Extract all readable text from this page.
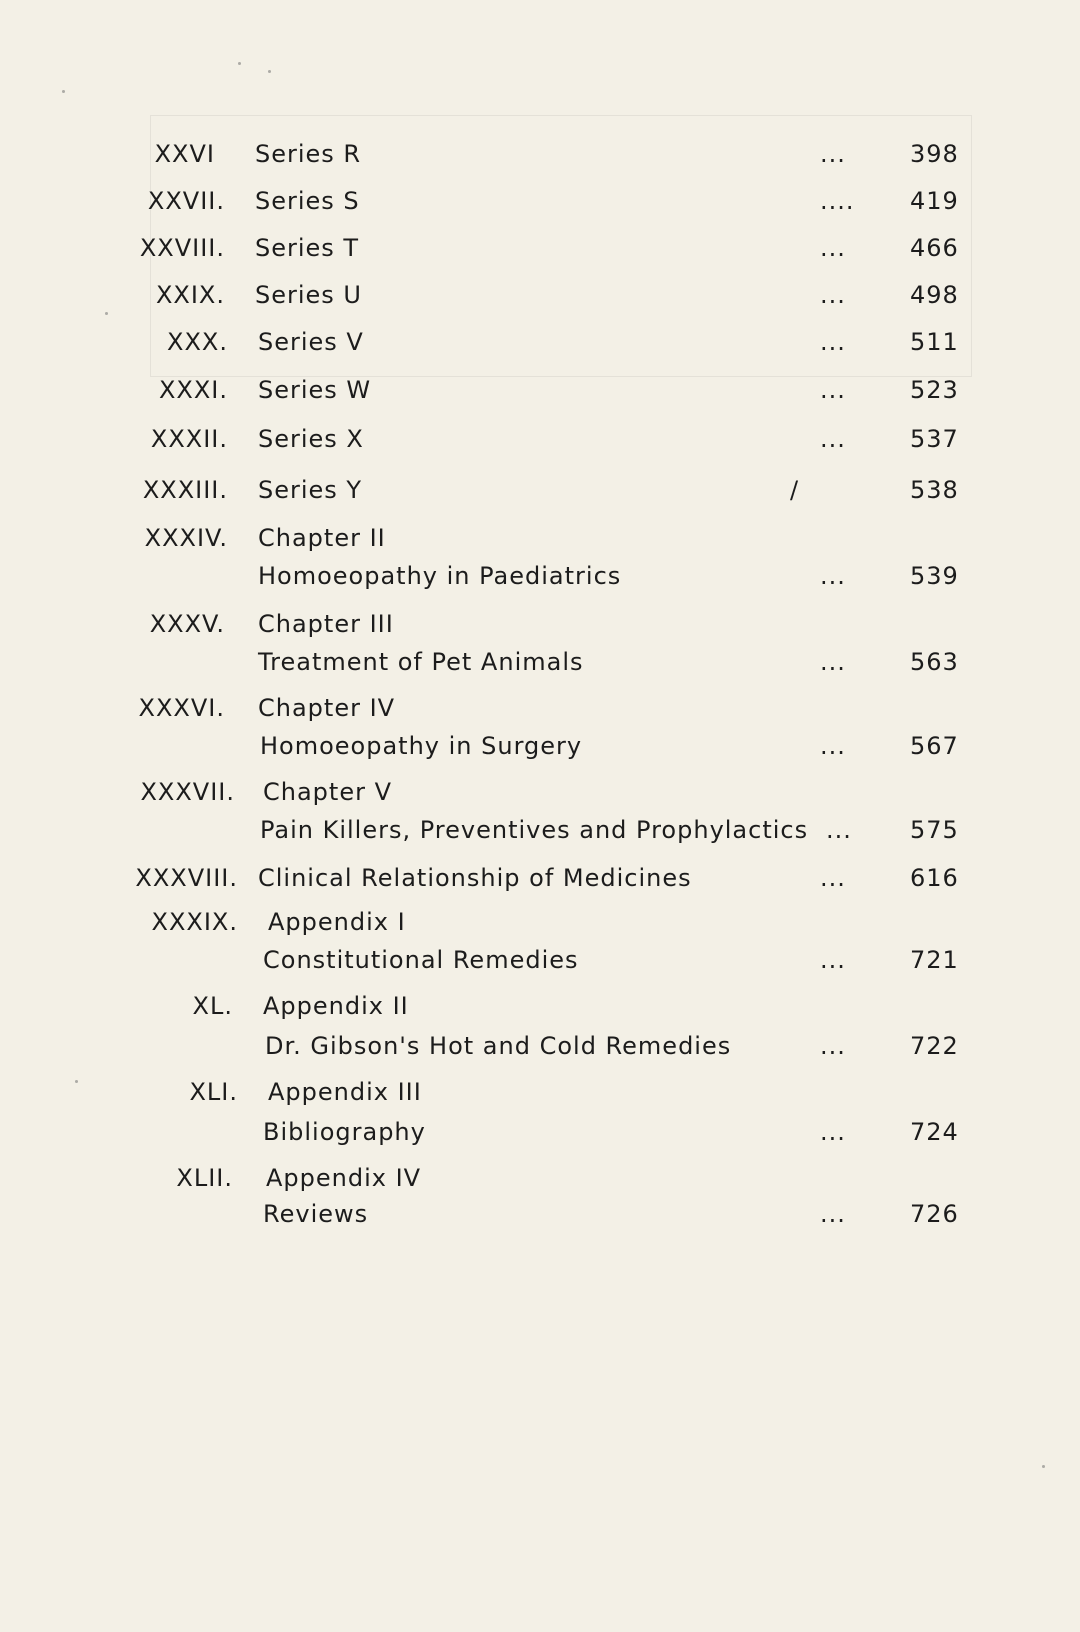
XXVI Series R	...	398
XXVII. Series S	.... 419
XXVIII. Series T	...	466
XXIX. Series U	...	498
XXX. Series V	...	511
XXXI. Series W	...	523
XXXII. Series X	...	537
XXXIII. Series Y	/	538
XXXIV. Chapter II
Homoeopathy in Paediatrics	...	539
XXXV. Chapter III
Treatment of Pet Animals	...	563
XXXVI. Chapter IV
Homoeopathy in Surgery	...	567
XXXVII. Chapter V
Pain Killers, Preventives and Prophylactics ...	575
XXXVIII. Clinical Relationship of Medicines	...	616
XXXIX. Appendix I
Constitutional Remedies	...	721
XL. Appendix II
Dr. Gibson's Hot and Cold Remedies	...	722
XLI. Appendix III
Bibliography	...	724
XLII. Appendix IV
Reviews	...	726
